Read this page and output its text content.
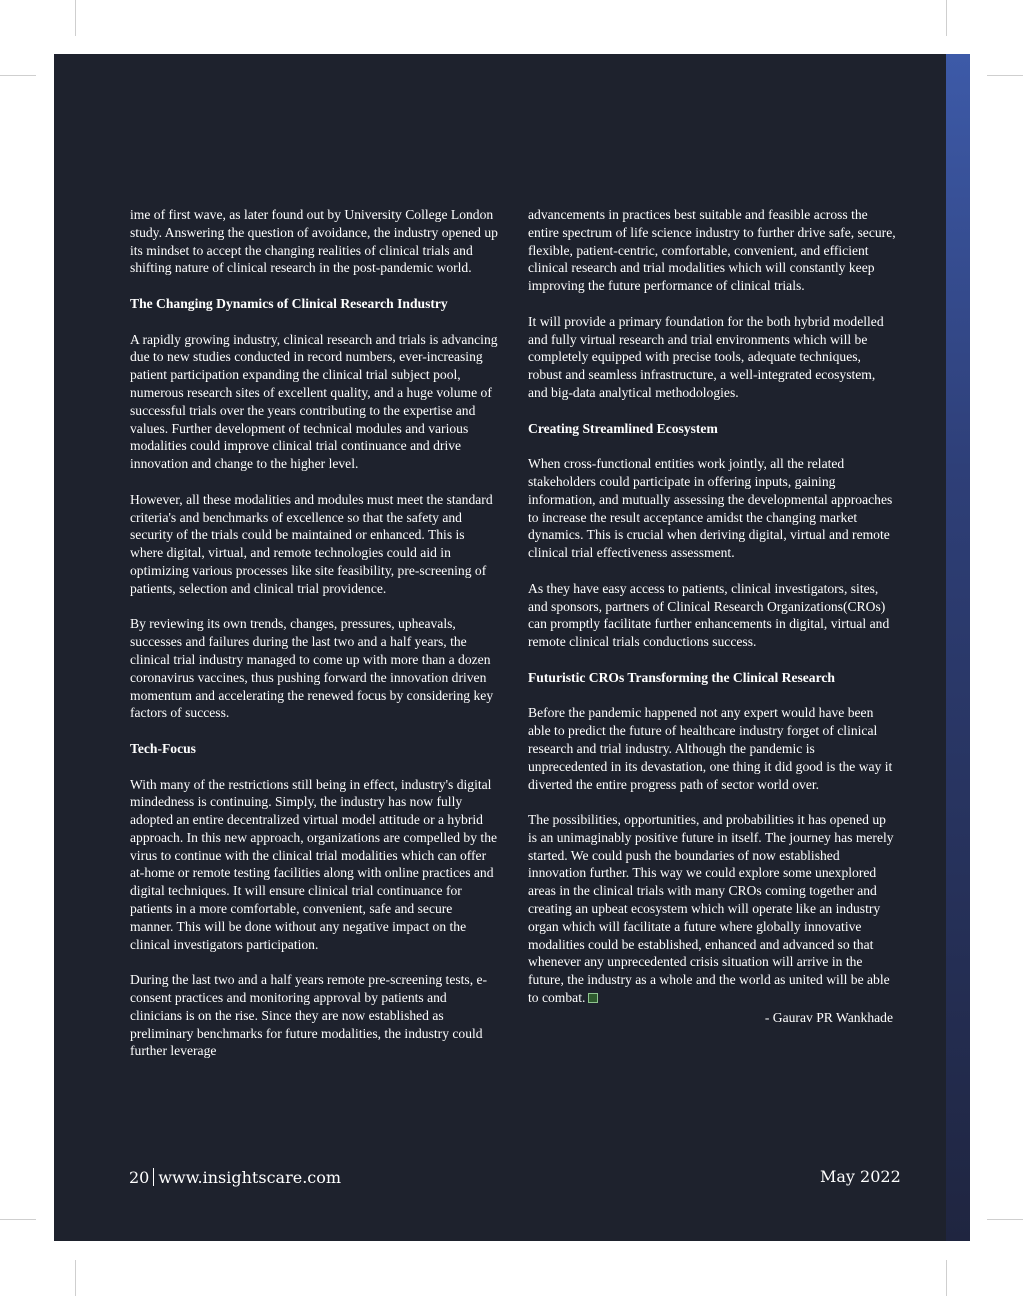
ime of first wave, as later found out by University College London study. Answering the question of avoidance, the industry opened up its mindset to accept the changing realities of clinical trials and shifting nature of clinical research in the post-pandemic world.

The Changing Dynamics of Clinical Research Industry

A rapidly growing industry, clinical research and trials is advancing due to new studies conducted in record numbers, ever-increasing patient participation expanding the clinical trial subject pool, numerous research sites of excellent quality, and a huge volume of successful trials over the years contributing to the expertise and values. Further development of technical modules and various modalities could improve clinical trial continuance and drive innovation and change to the higher level.

However, all these modalities and modules must meet the standard criteria's and benchmarks of excellence so that the safety and security of the trials could be maintained or enhanced. This is where digital, virtual, and remote technologies could aid in optimizing various processes like site feasibility, pre-screening of patients, selection and clinical trial providence.

By reviewing its own trends, changes, pressures, upheavals, successes and failures during the last two and a half years, the clinical trial industry managed to come up with more than a dozen coronavirus vaccines, thus pushing forward the innovation driven momentum and accelerating the renewed focus by considering key factors of success.

Tech-Focus

With many of the restrictions still being in effect, industry's digital mindedness is continuing. Simply, the industry has now fully adopted an entire decentralized virtual model attitude or a hybrid approach. In this new approach, organizations are compelled by the virus to continue with the clinical trial modalities which can offer at-home or remote testing facilities along with online practices and digital techniques. It will ensure clinical trial continuance for patients in a more comfortable, convenient, safe and secure manner. This will be done without any negative impact on the clinical investigators participation.

During the last two and a half years remote pre-screening tests, e-consent practices and monitoring approval by patients and clinicians is on the rise. Since they are now established as preliminary benchmarks for future modalities, the industry could further leverage

advancements in practices best suitable and feasible across the entire spectrum of life science industry to further drive safe, secure, flexible, patient-centric, comfortable, convenient, and efficient clinical research and trial modalities which will constantly keep improving the future performance of clinical trials.

It will provide a primary foundation for the both hybrid modelled and fully virtual research and trial environments which will be completely equipped with precise tools, adequate techniques, robust and seamless infrastructure, a well-integrated ecosystem, and big-data analytical methodologies.

Creating Streamlined Ecosystem

When cross-functional entities work jointly, all the related stakeholders could participate in offering inputs, gaining information, and mutually assessing the developmental approaches to increase the result acceptance amidst the changing market dynamics. This is crucial when deriving digital, virtual and remote clinical trial effectiveness assessment.

As they have easy access to patients, clinical investigators, sites, and sponsors, partners of Clinical Research Organizations(CROs) can promptly facilitate further enhancements in digital, virtual and remote clinical trials conductions success.

Futuristic CROs Transforming the Clinical Research

Before the pandemic happened not any expert would have been able to predict the future of healthcare industry forget of clinical research and trial industry. Although the pandemic is unprecedented in its devastation, one thing it did good is the way it diverted the entire progress path of sector world over.

The possibilities, opportunities, and probabilities it has opened up is an unimaginably positive future in itself. The journey has merely started. We could push the boundaries of now established innovation further. This way we could explore some unexplored areas in the clinical trials with many CROs coming together and creating an upbeat ecosystem which will operate like an industry organ which will facilitate a future where globally innovative modalities could be established, enhanced and advanced so that whenever any unprecedented crisis situation will arrive in the future, the industry as a whole and the world as united will be able to combat.

- Gaurav PR Wankhade

20 www.insightscare.com	May 2022
